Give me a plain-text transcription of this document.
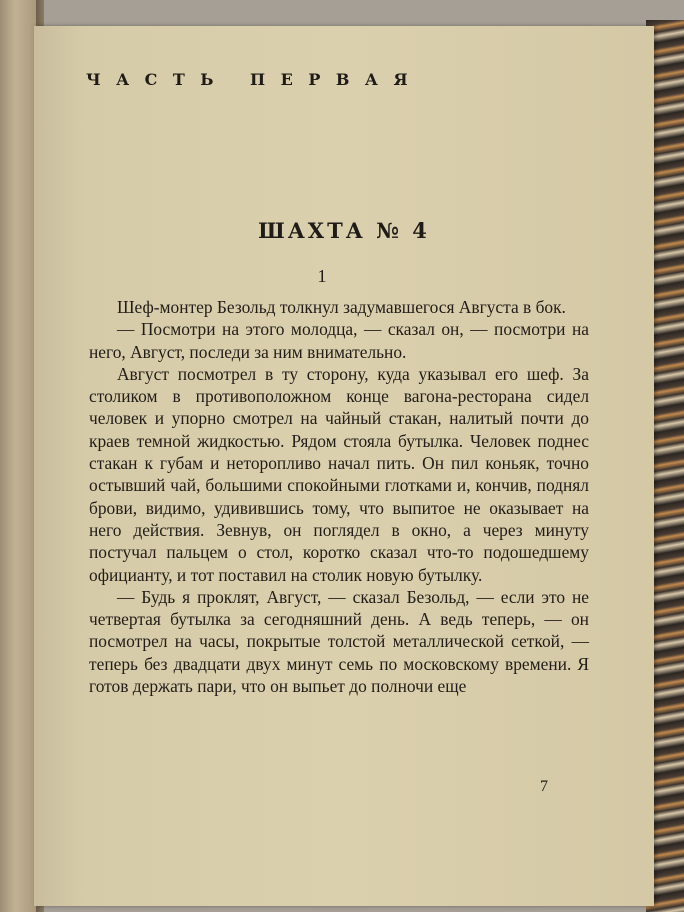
ЧАСТЬ ПЕРВАЯ
ШАХТА № 4
1

Шеф-монтер Безольд толкнул задумавшегося Августа в бок.

— Посмотри на этого молодца, — сказал он, — посмотри на него, Август, последи за ним внимательно.

Август посмотрел в ту сторону, куда указывал его шеф. За столиком в противоположном конце вагона-ресторана сидел человек и упорно смотрел на чайный стакан, налитый почти до краев темной жидкостью. Рядом стояла бутылка. Человек поднес стакан к губам и неторопливо начал пить. Он пил коньяк, точно остывший чай, большими спокойными глотками и, кончив, поднял брови, видимо, удивившись тому, что выпитое не оказывает на него действия. Зевнув, он поглядел в окно, а через минуту постучал пальцем о стол, коротко сказал что-то подошедшему официанту, и тот поставил на столик новую бутылку.

— Будь я проклят, Август, — сказал Безольд, — если это не четвертая бутылка за сегодняшний день. А ведь теперь, — он посмотрел на часы, покрытые толстой металлической сеткой, — теперь без двадцати двух минут семь по московскому времени. Я готов держать пари, что он выпьет до полночи еще

7
